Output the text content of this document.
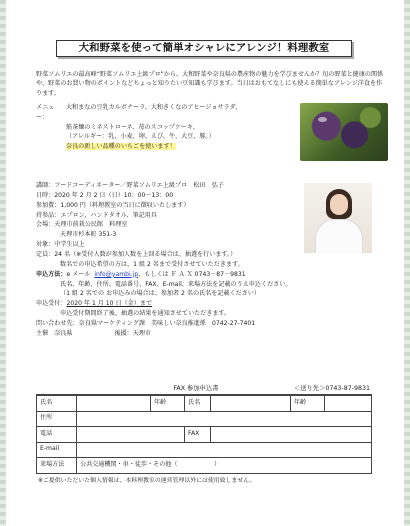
大和野菜を使って簡単オシャレにアレンジ！料理教室

野菜ソムリエの最高峰“野菜ソムリエ上級プロ”から、大和野菜や奈良県の農産物の魅力を学びませんか？旬の野菜と健康の関係や、野菜のお買い物のポイントなどちょっと知りたい豆知識も学びます。当日はおもてなしにも使える簡単なアレンジ洋食を作ります。

メニュー：
大和まなの豆乳カルボナーラ、大和きくなのアヒージョサラダ、
筋茶麺のミネストローネ、苺のスコップケーキ、
（アレルギー：乳、小麦、卵、えび、牛、大豆、豚。）
奈良の新しい品種のいちごを使います！
講師： フードコーディネーター／野菜ソムリエ上級プロ　松田　弘子
日時： 2020 年 2 月 2 日（日）10：00～13：00
参加費： 1,000 円（料理教室の当日に徴収いたします）
持参品： エプロン、ハンドタオル、筆記用具
会場： 天理市前栽公民館　料理室
天理市杉本町 351-3
対象： 中学生以上
定員： 24 名（※受付人数が参加人数を上回る場合は、抽選を行います。）
数名での申込希望の方は、1 組 2 名まで受付させていただきます。
申込方法： e メール info@yambi.jp 、もしくは Ｆ Ａ Ｘ 0743－87－9831
氏名、年齢、住所、電話番号、FAX、E-mail、来場方法を記載のうえ申込ください。
（1 組 2 名での お申込みの場合は、参加者 2 名の氏名を記載ください）
申込受付： 2020 年 1 月 10 日（金）まで
申込受付期間終了後、抽選の結果を通知させていただきます。
問い合わせ先： 奈良県マーケティング課　美味しい奈良推進係　0742-27-7401
主催 奈良県	後援： 天理市
FAX 参加申込書	＜送り先＞0743-87-9831
氏名		年齢	氏名		年齢	
住所						
電話			FAX			
E-mail						
来場方法	公共交通機関・車・徒歩・その他（　　　　　　）					

※ご提供いただいた個人情報は、本料理教室の運営管理以外には使用致しません。
